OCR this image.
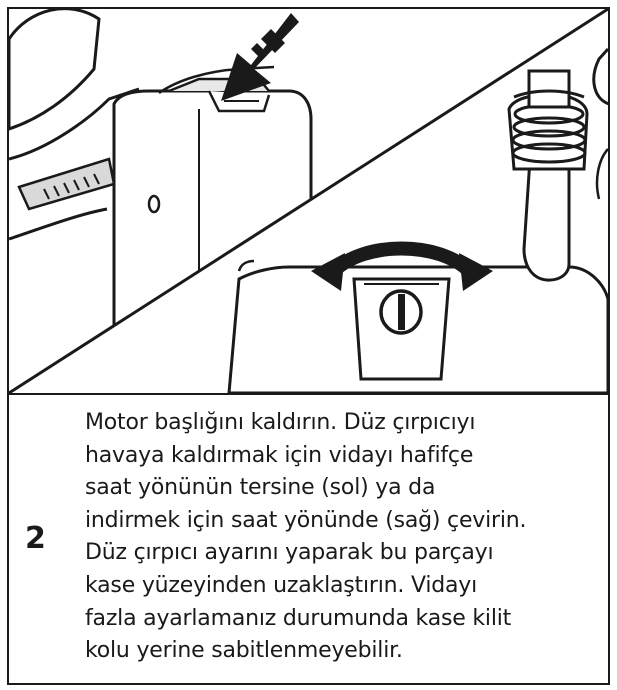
2
Motor başlığını kaldırın. Düz çırpıcıyı
havaya kaldırmak için vidayı hafifçe
saat yönünün tersine (sol) ya da
indirmek için saat yönünde (sağ) çevirin.
Düz çırpıcı ayarını yaparak bu parçayı
kase yüzeyinden uzaklaştırın. Vidayı
fazla ayarlamanız durumunda kase kilit
kolu yerine sabitlenmeyebilir.
